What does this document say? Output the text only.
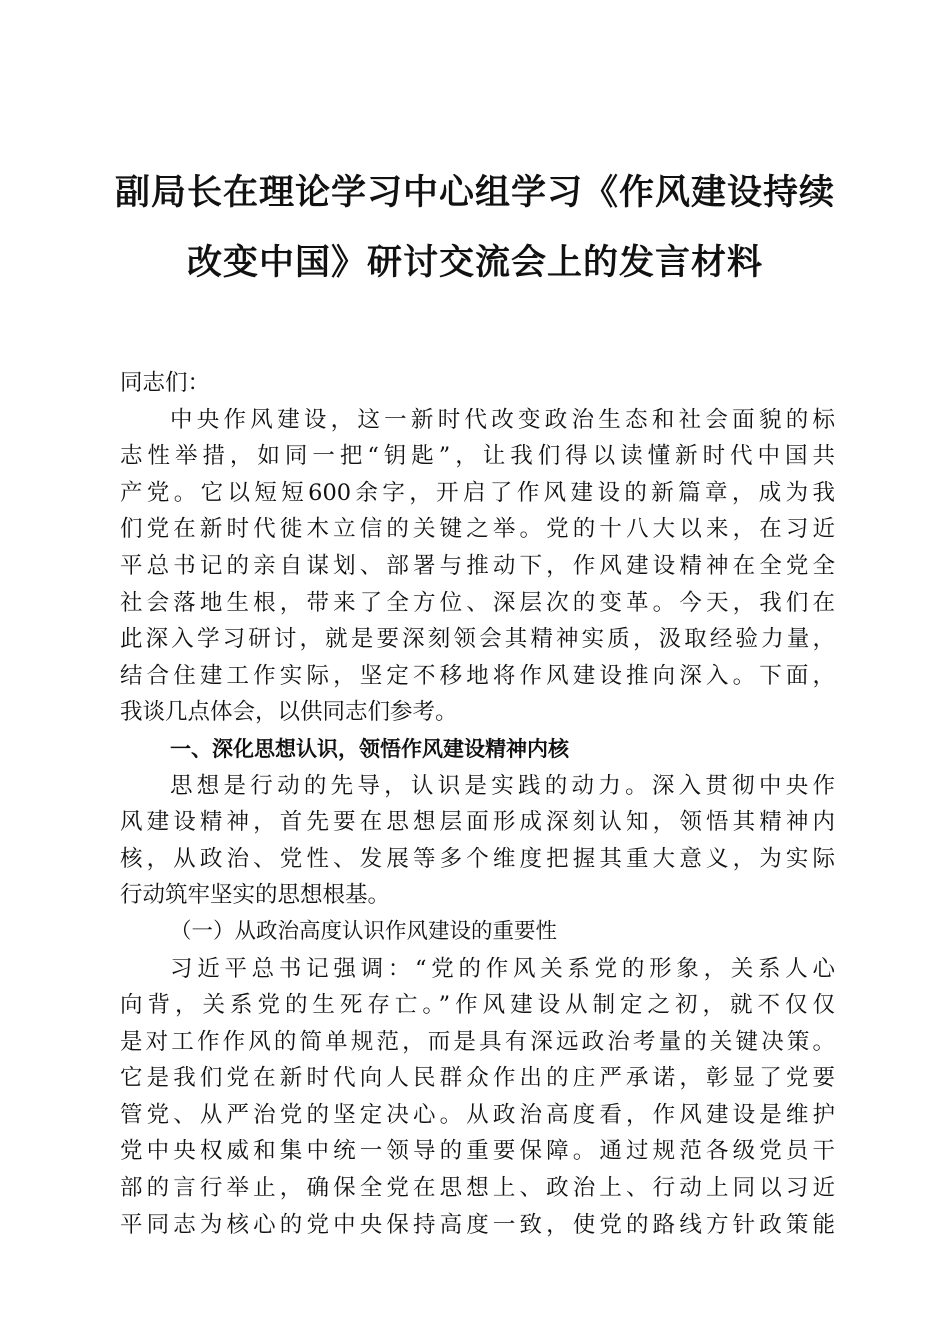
副局长在理论学习中心组学习《作风建设持续
改变中国》研讨交流会上的发言材料
同志们：
中央作风建设，这一新时代改变政治生态和社会面貌的标
志性举措，如同一把“钥匙”，让我们得以读懂新时代中国共
产党。它以短短600余字，开启了作风建设的新篇章，成为我
们党在新时代徙木立信的关键之举。党的十八大以来，在习近
平总书记的亲自谋划、部署与推动下，作风建设精神在全党全
社会落地生根，带来了全方位、深层次的变革。今天，我们在
此深入学习研讨，就是要深刻领会其精神实质，汲取经验力量，
结合住建工作实际，坚定不移地将作风建设推向深入。下面，
我谈几点体会，以供同志们参考。
一、深化思想认识，领悟作风建设精神内核
思想是行动的先导，认识是实践的动力。深入贯彻中央作
风建设精神，首先要在思想层面形成深刻认知，领悟其精神内
核，从政治、党性、发展等多个维度把握其重大意义，为实际
行动筑牢坚实的思想根基。
（一）从政治高度认识作风建设的重要性
习近平总书记强调：“党的作风关系党的形象，关系人心
向背，关系党的生死存亡。”作风建设从制定之初，就不仅仅
是对工作作风的简单规范，而是具有深远政治考量的关键决策。
它是我们党在新时代向人民群众作出的庄严承诺，彰显了党要
管党、从严治党的坚定决心。从政治高度看，作风建设是维护
党中央权威和集中统一领导的重要保障。通过规范各级党员干
部的言行举止，确保全党在思想上、政治上、行动上同以习近
平同志为核心的党中央保持高度一致，使党的路线方针政策能
